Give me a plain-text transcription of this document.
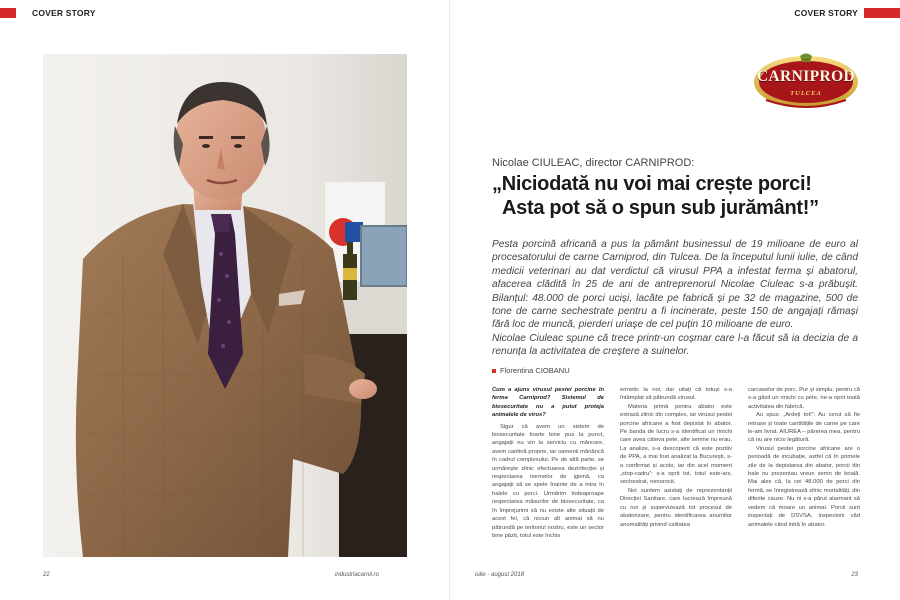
COVER STORY
22	industriacarnii.ro
COVER STORY
1993
CARNIPROD
TULCEA
Nicolae CIULEAC, director CARNIPROD:
„Niciodată nu voi mai crește porci!
Asta pot să o spun sub jurământ!”

Pesta porcină africană a pus la pământ businessul de 19 milioane de euro al procesatorului de carne Carniprod, din Tulcea. De la începutul lunii iulie, de când medicii veterinari au dat verdictul că virusul PPA a infestat ferma și abatorul, afacerea clădită în 25 de ani de antreprenorul Nicolae Ciuleac s-a prăbușit. Bilanțul: 48.000 de porci uciși, lacăte pe fabrică și pe 32 de magazine, 500 de tone de carne sechestrate pentru a fi incinerate, peste 150 de angajați rămași fără loc de muncă, pierderi uriașe de cel puțin 10 milioane de euro.

Nicolae Ciuleac spune că trece printr-un coșmar care l-a făcut să ia decizia de a renunța la activitatea de creștere a suinelor.

Florentina CIOBANU

Cum a ajuns virusul pestei porcine în ferma Carniprod? Sistemul de biosecuritate nu a putut proteja animalele de virus?

Sigur că avem un sistem de biosecuritate foarte bine pus la punct, angajații nu vin la serviciu cu mâncare, avem cantină proprie, iar oamenii mănâncă în cadrul complexului. Pe de altă parte, se urmărește zilnic efectuarea dezinfecției și respectarea normelor de igienă, ca angajații să se spele înainte de a intra în halele cu porci. Urmărim îndeaproape respectarea măsurilor de biosecuritate, ca în împrejurimi să nu existe alte situații de acest fel, că niciun alt animal să nu pătrundă pe teritoriul nostru, este un sector bine păzit, totul este închis

ermetic la noi, dar uitați că totuși s-a întâmplat să pătrundă virusul.

Materia primă pentru abator este extrasă zilnic din complex, iar virusul pestei porcine africane a fost depistat în abator. Pe banda de lucru s-a identificat un rinichi care avea câteva pete, alte semne nu erau. La analize, s-a descoperit că este pozitiv de PPA, a mai fost analizat la București, s-a confirmat și acolo, iar din acel moment „stop-cadru”: s-a oprit tot, totul este-ars, sechestrat, nenorocit.

Noi suntem asistați de reprezentanții Direcției Sanitare, care lucrează împreună cu noi și supervizează tot procesul de abatorizare, pentru identificarea anumitor anomalități privind calitatea

carcaselor de porc. Pur și simplu, pentru că s-a găsit un rinichi cu pete, ne-a oprit toată activitatea din fabrică.

Au spus: „Ardeți tot!”. Au cerut să fie retrase și toate cantitățile de carne pe care le-am livrat. AIUREA – părerea mea, pentru că nu are nicio legătură.

Virusul pestei porcine africane are o perioadă de incubație, astfel că în primele zile de la depistarea din abator, porcii din hale nu prezentau vreun semn de boală. Mai ales că, la cei 48.000 de porci din fermă, se înregistrează zilnic mortalități, din diferite cauze. Nu ni s-a părut alarmant să vedem că moare un animal. Porcii sunt inspectați de DSVSA, inspectorii văd animalele când intră în abator.

iulie - august 2018	23
